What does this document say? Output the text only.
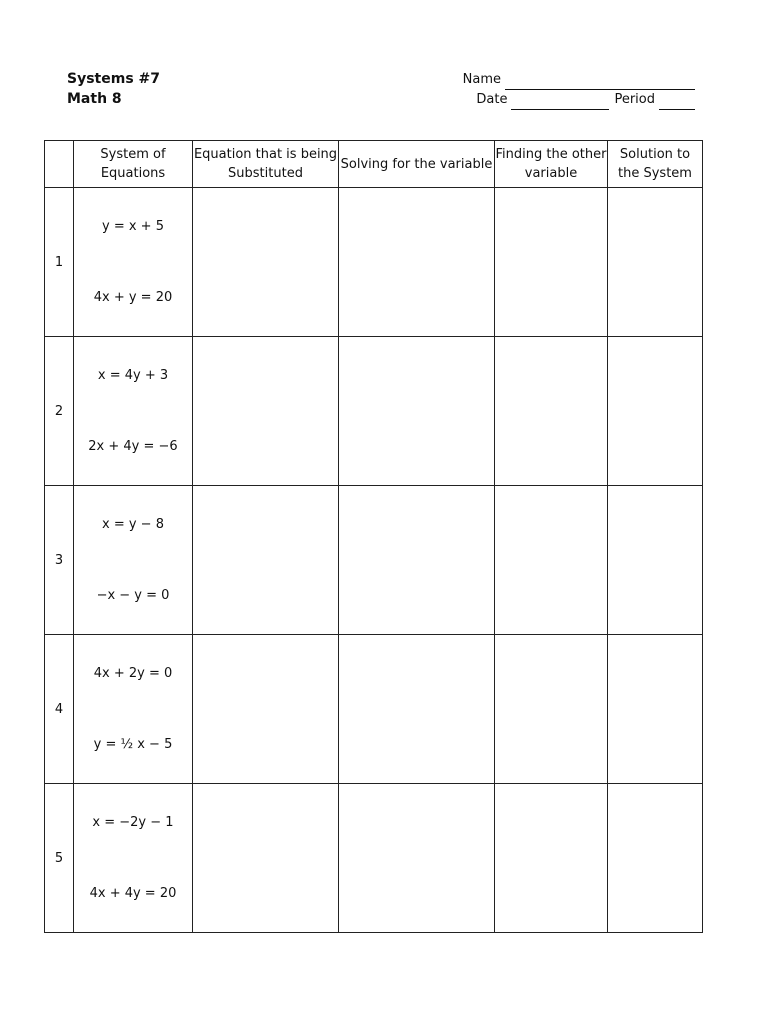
Systems #7
Math 8
Name
Date	Period
	System of Equations	Equation that is being Substituted	Solving for the variable	Finding the other variable	Solution to the System
1	y = x + 5
4x + y = 20				

2	x = 4y + 3
2x + 4y = −6				

3	x = y − 8
−x − y = 0				

4	4x + 2y = 0
y = ½ x − 5				

5	x = −2y − 1
4x + 4y = 20				
